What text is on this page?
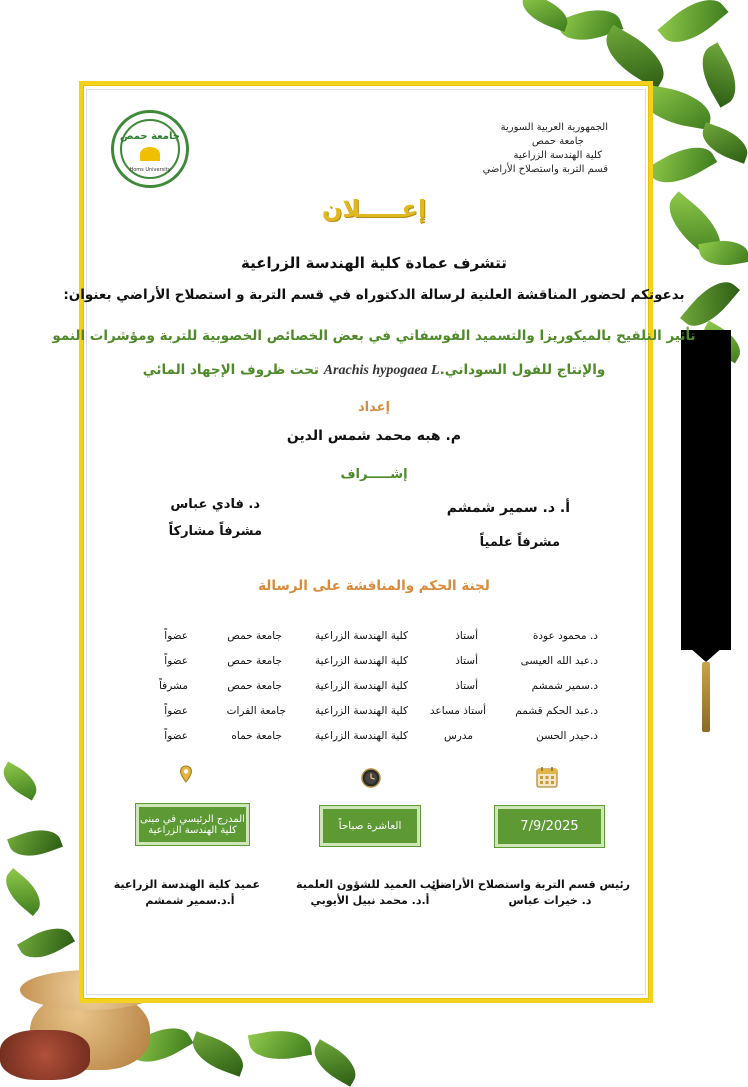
جامعة حمص
Homs University
الجمهورية العربية السورية
جامعة حمص
كلية الهندسة الزراعية
قسم التربة واستصلاح الأراضي
إعـــــلان
تتشرف عمادة كلية الهندسة الزراعية
بدعوتكم لحضور المناقشة العلنية لرسالة الدكتوراه في قسم التربة و استصلاح الأراضي بعنوان:
تأثير التلقيح بالميكوريزا والتسميد الفوسفاتي في بعض الخصائص الخصوبية للتربة ومؤشرات النمو
والإنتاج للفول السوداني.Arachis hypogaea L تحت ظروف الإجهاد المائي
إعداد
م. هبه محمد شمس الدين
إشـــــراف
أ. د. سمير شمشم
مشرفاً علمياً
د. فادي عباس
مشرفاً مشاركاً
لجنة الحكم والمناقشة على الرسالة
د. محمود عودة
أستاذ
كلية الهندسة الزراعية
جامعة حمص
عضواً
د.عبد الله العيسى
أستاذ
كلية الهندسة الزراعية
جامعة حمص
عضواً
د.سمير شمشم
أستاذ
كلية الهندسة الزراعية
جامعة حمص
مشرفاً
د.عبد الحكم قشمم
أستاذ مساعد
كلية الهندسة الزراعية
جامعة الفرات
عضواً
د.حيدر الحسن
مدرس
كلية الهندسة الزراعية
جامعة حماه
عضواً
المدرج الرئيسي في مبنى
كلية الهندسة الزراعية	العاشرة صباحاً	7/9/2025
رئيس قسم التربة واستصلاح الأراضي
د. خيرات عباس
نائب العميد للشؤون العلمية
أ.د. محمد نبيل الأيوبي
عميد كلية الهندسة الزراعية
أ.د.سمير شمشم
